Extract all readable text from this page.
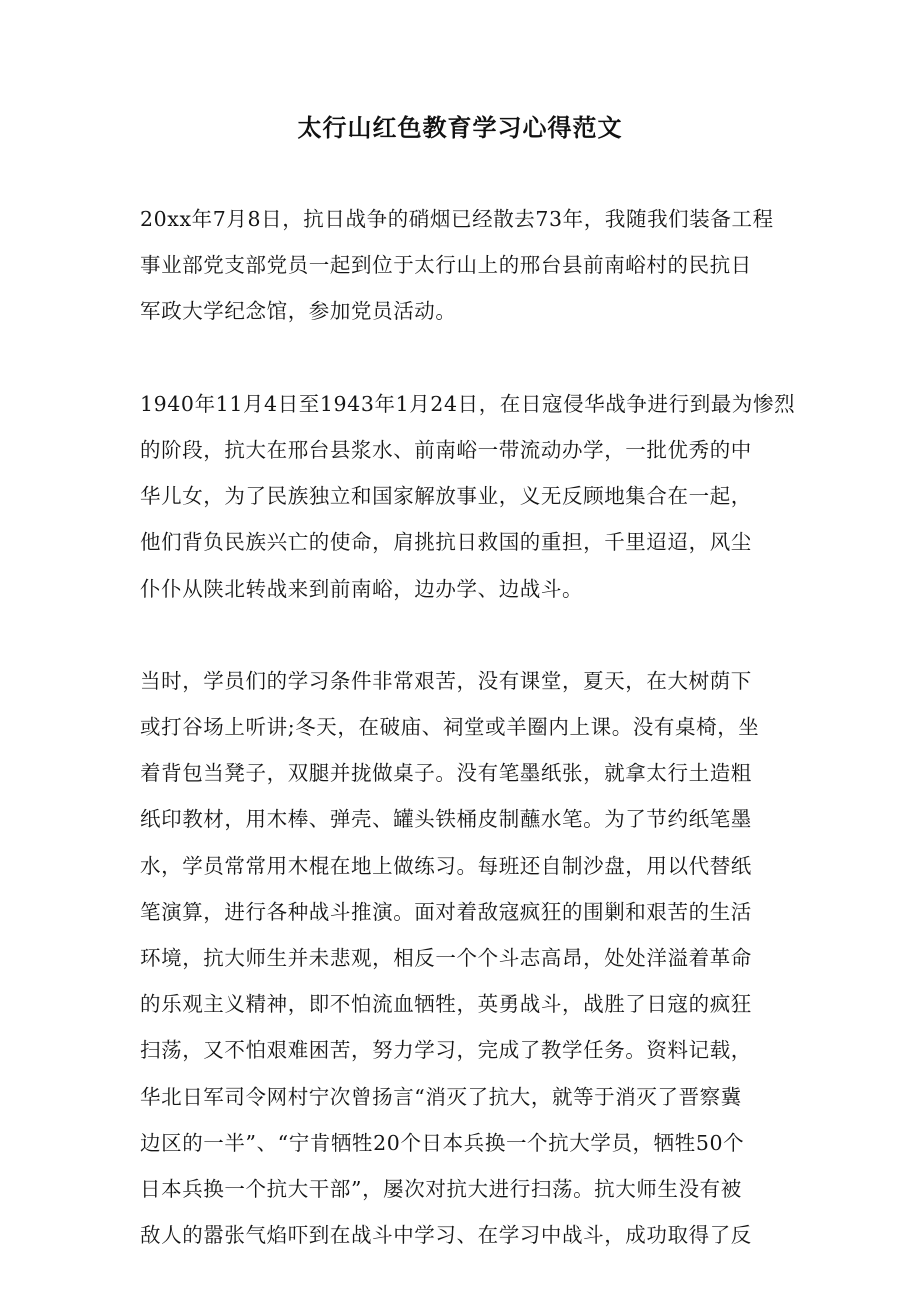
太行山红色教育学习心得范文
20xx年7月8日，抗日战争的硝烟已经散去73年，我随我们装备工程
事业部党支部党员一起到位于太行山上的邢台县前南峪村的民抗日
军政大学纪念馆，参加党员活动。
1940年11月4日至1943年1月24日，在日寇侵华战争进行到最为惨烈
的阶段，抗大在邢台县浆水、前南峪一带流动办学，一批优秀的中
华儿女，为了民族独立和国家解放事业，义无反顾地集合在一起，
他们背负民族兴亡的使命，肩挑抗日救国的重担，千里迢迢，风尘
仆仆从陕北转战来到前南峪，边办学、边战斗。
当时，学员们的学习条件非常艰苦，没有课堂，夏天，在大树荫下
或打谷场上听讲;冬天，在破庙、祠堂或羊圈内上课。没有桌椅，坐
着背包当凳子，双腿并拢做桌子。没有笔墨纸张，就拿太行土造粗
纸印教材，用木棒、弹壳、罐头铁桶皮制蘸水笔。为了节约纸笔墨
水，学员常常用木棍在地上做练习。每班还自制沙盘，用以代替纸
笔演算，进行各种战斗推演。面对着敌寇疯狂的围剿和艰苦的生活
环境，抗大师生并未悲观，相反一个个斗志高昂，处处洋溢着革命
的乐观主义精神，即不怕流血牺牲，英勇战斗，战胜了日寇的疯狂
扫荡，又不怕艰难困苦，努力学习，完成了教学任务。资料记载，
华北日军司令网村宁次曾扬言“消灭了抗大，就等于消灭了晋察冀
边区的一半”、“宁肯牺牲20个日本兵换一个抗大学员，牺牲50个
日本兵换一个抗大干部”，屡次对抗大进行扫荡。抗大师生没有被
敌人的嚣张气焰吓到在战斗中学习、在学习中战斗，成功取得了反
